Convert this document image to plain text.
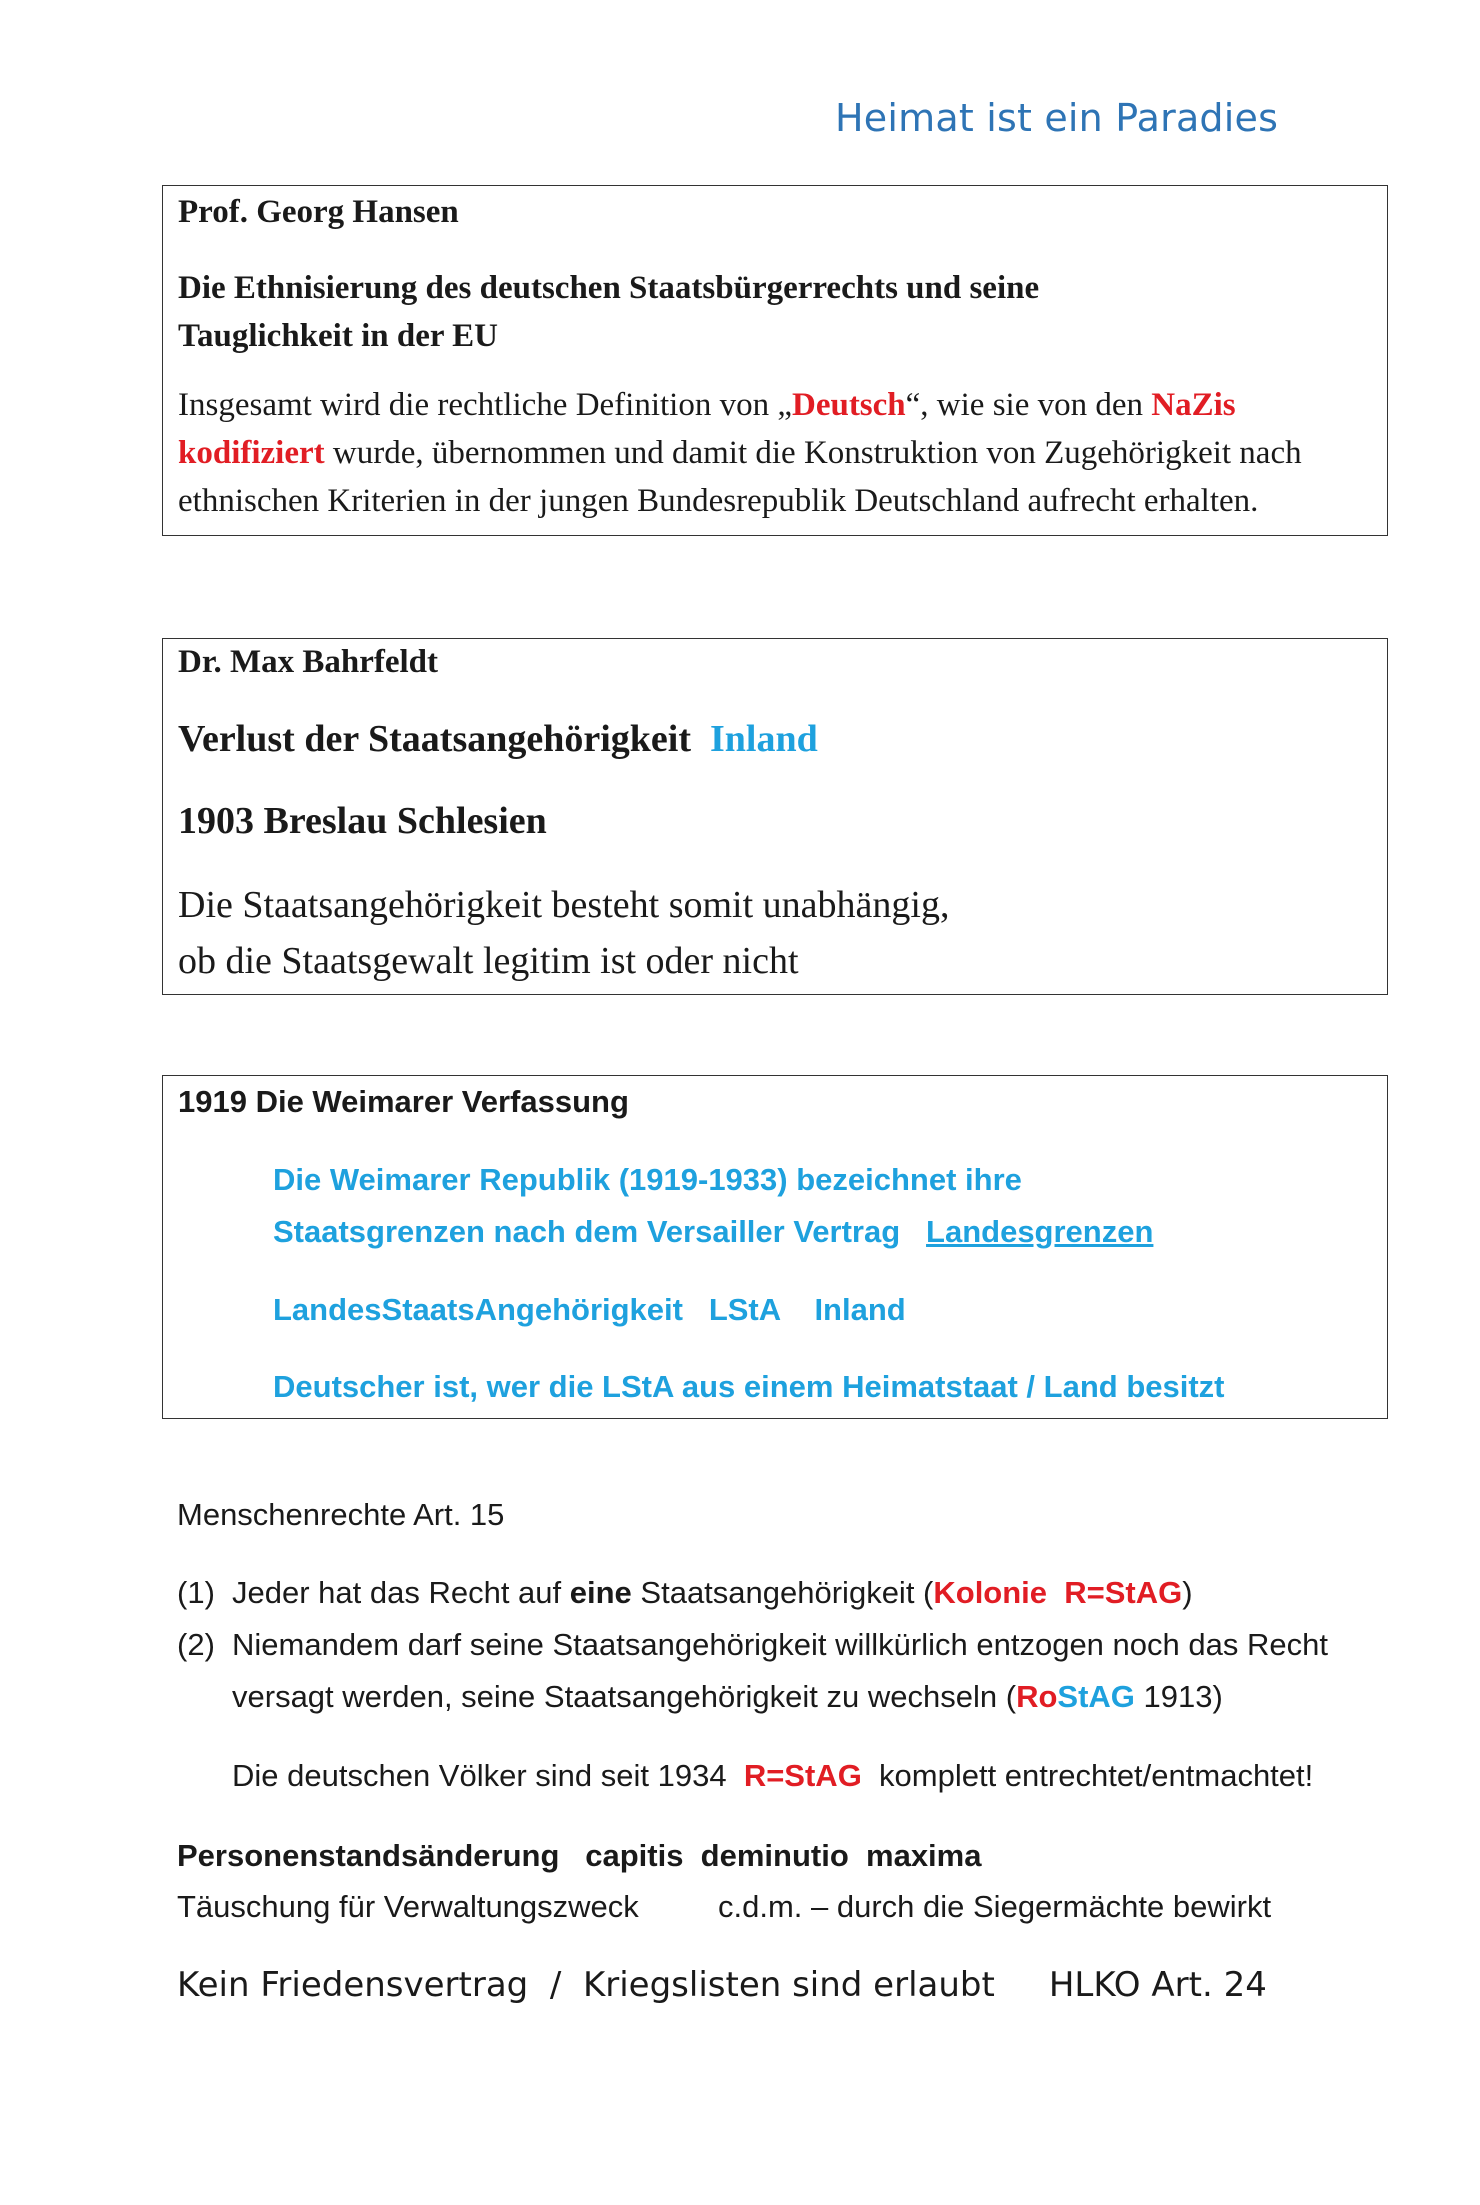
Heimat ist ein Paradies
Prof. Georg Hansen
Die Ethnisierung des deutschen Staatsbürgerrechts und seine
Tauglichkeit in der EU
Insgesamt wird die rechtliche Definition von „Deutsch“, wie sie von den NaZis
kodifiziert wurde, übernommen und damit die Konstruktion von Zugehörigkeit nach
ethnischen Kriterien in der jungen Bundesrepublik Deutschland aufrecht erhalten.
Dr. Max Bahrfeldt
Verlust der Staatsangehörigkeit Inland
1903 Breslau Schlesien
Die Staatsangehörigkeit besteht somit unabhängig,
ob die Staatsgewalt legitim ist oder nicht
1919 Die Weimarer Verfassung
Die Weimarer Republik (1919-1933) bezeichnet ihre
Staatsgrenzen nach dem Versailler Vertrag Landesgrenzen
LandesStaatsAngehörigkeit   LStA    Inland
Deutscher ist, wer die LStA aus einem Heimatstaat / Land besitzt
Menschenrechte Art. 15
(1) Jeder hat das Recht auf eine Staatsangehörigkeit (Kolonie  R=StAG)
(2) Niemandem darf seine Staatsangehörigkeit willkürlich entzogen noch das Recht
versagt werden, seine Staatsangehörigkeit zu wechseln (RoStAG 1913)
Die deutschen Völker sind seit 1934  R=StAG  komplett entrechtet/entmachtet!
Personenstandsänderung   capitis  deminutio  maxima
Täuschung für Verwaltungszweck	c.d.m. – durch die Siegermächte bewirkt
Kein Friedensvertrag  /  Kriegslisten sind erlaubt     HLKO Art. 24
